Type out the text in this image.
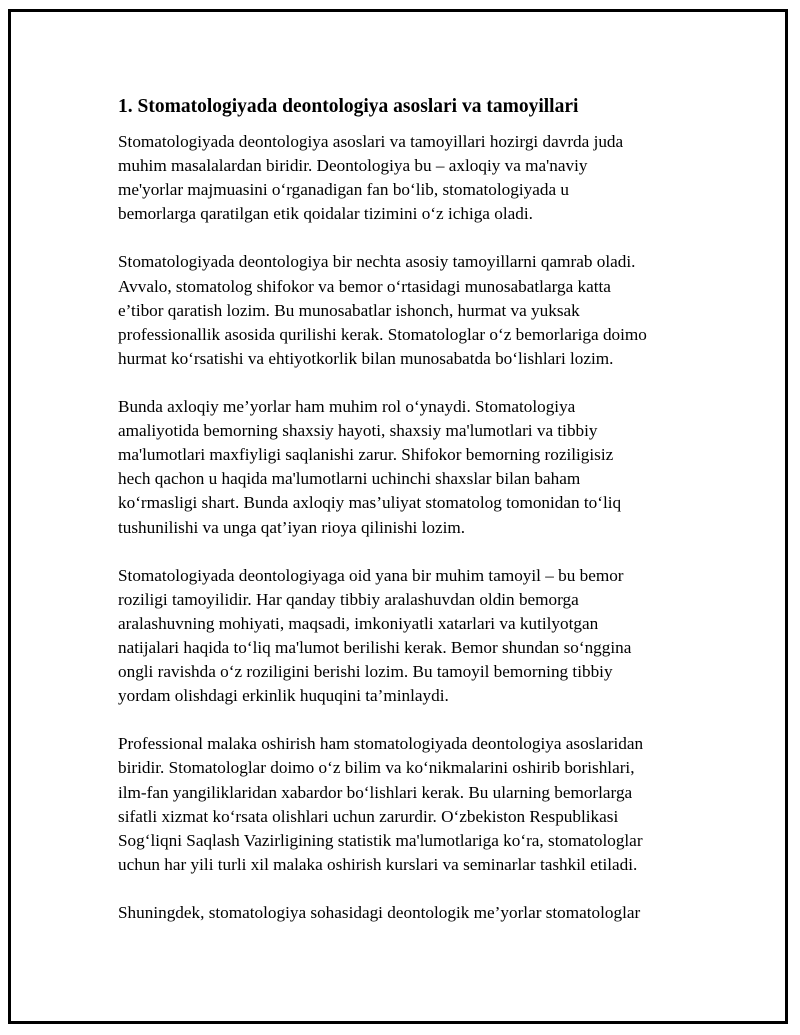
1. Stomatologiyada deontologiya asoslari va tamoyillari
Stomatologiyada deontologiya asoslari va tamoyillari hozirgi davrda juda
muhim masalalardan biridir. Deontologiya bu – axloqiy va ma'naviy
me'yorlar majmuasini oʻrganadigan fan boʻlib, stomatologiyada u
bemorlarga qaratilgan etik qoidalar tizimini oʻz ichiga oladi.
Stomatologiyada deontologiya bir nechta asosiy tamoyillarni qamrab oladi.
Avvalo, stomatolog shifokor va bemor oʻrtasidagi munosabatlarga katta
e’tibor qaratish lozim. Bu munosabatlar ishonch, hurmat va yuksak
professionallik asosida qurilishi kerak. Stomatologlar oʻz bemorlariga doimo
hurmat koʻrsatishi va ehtiyotkorlik bilan munosabatda boʻlishlari lozim.
Bunda axloqiy me’yorlar ham muhim rol oʻynaydi. Stomatologiya
amaliyotida bemorning shaxsiy hayoti, shaxsiy ma'lumotlari va tibbiy
ma'lumotlari maxfiyligi saqlanishi zarur. Shifokor bemorning roziligisiz
hech qachon u haqida ma'lumotlarni uchinchi shaxslar bilan baham
koʻrmasligi shart. Bunda axloqiy mas’uliyat stomatolog tomonidan toʻliq
tushunilishi va unga qat’iyan rioya qilinishi lozim.
Stomatologiyada deontologiyaga oid yana bir muhim tamoyil – bu bemor
roziligi tamoyilidir. Har qanday tibbiy aralashuvdan oldin bemorga
aralashuvning mohiyati, maqsadi, imkoniyatli xatarlari va kutilyotgan
natijalari haqida toʻliq ma'lumot berilishi kerak. Bemor shundan soʻnggina
ongli ravishda oʻz roziligini berishi lozim. Bu tamoyil bemorning tibbiy
yordam olishdagi erkinlik huquqini ta’minlaydi.
Professional malaka oshirish ham stomatologiyada deontologiya asoslaridan
biridir. Stomatologlar doimo oʻz bilim va koʻnikmalarini oshirib borishlari,
ilm-fan yangiliklaridan xabardor boʻlishlari kerak. Bu ularning bemorlarga
sifatli xizmat koʻrsata olishlari uchun zarurdir. Oʻzbekiston Respublikasi
Sogʻliqni Saqlash Vazirligining statistik ma'lumotlariga koʻra, stomatologlar
uchun har yili turli xil malaka oshirish kurslari va seminarlar tashkil etiladi.
Shuningdek, stomatologiya sohasidagi deontologik me’yorlar stomatologlar
